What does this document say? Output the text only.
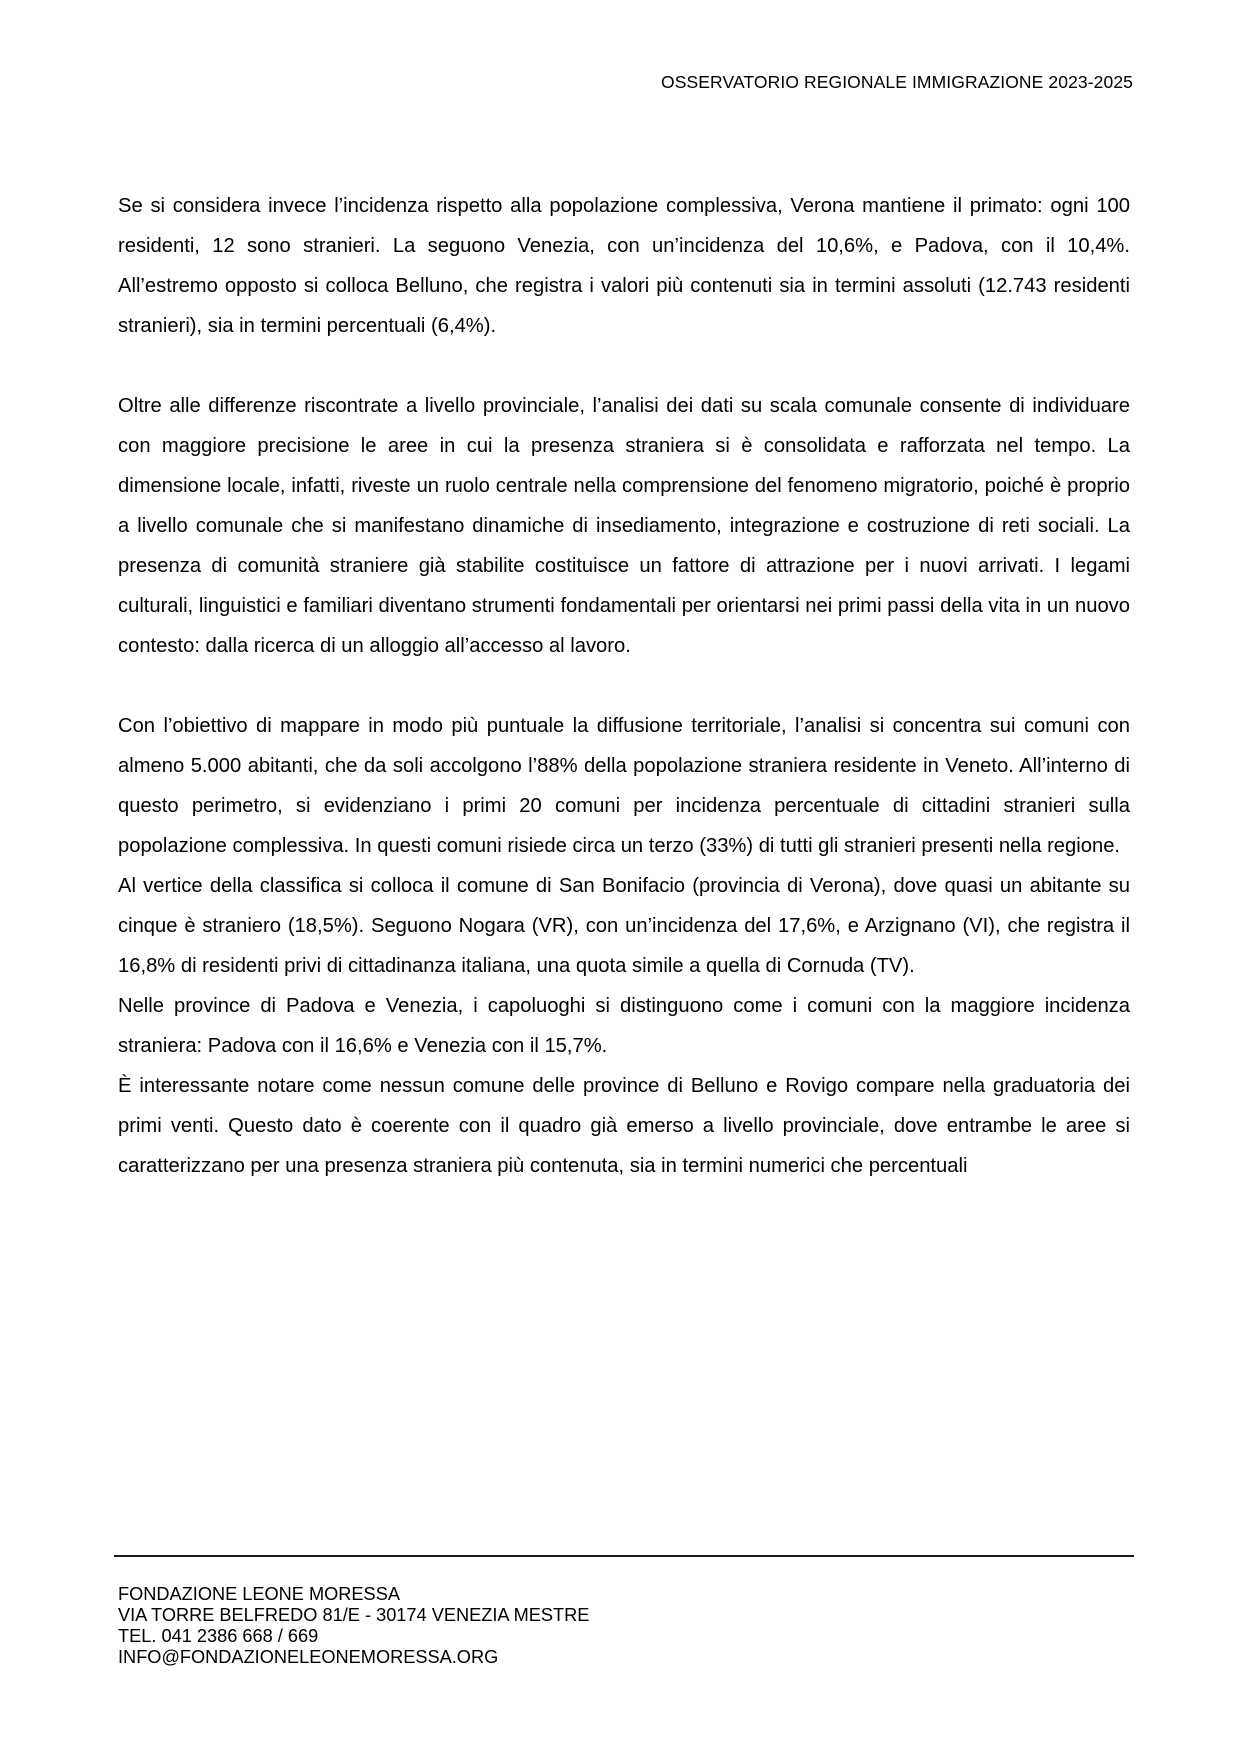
OSSERVATORIO REGIONALE IMMIGRAZIONE 2023-2025

Se si considera invece l’incidenza rispetto alla popolazione complessiva, Verona mantiene il primato: ogni 100 residenti, 12 sono stranieri. La seguono Venezia, con un’incidenza del 10,6%, e Padova, con il 10,4%. All’estremo opposto si colloca Belluno, che registra i valori più contenuti sia in termini assoluti (12.743 residenti stranieri), sia in termini percentuali (6,4%).

Oltre alle differenze riscontrate a livello provinciale, l’analisi dei dati su scala comunale consente di individuare con maggiore precisione le aree in cui la presenza straniera si è consolidata e rafforzata nel tempo. La dimensione locale, infatti, riveste un ruolo centrale nella comprensione del fenomeno migratorio, poiché è proprio a livello comunale che si manifestano dinamiche di insediamento, integrazione e costruzione di reti sociali. La presenza di comunità straniere già stabilite costituisce un fattore di attrazione per i nuovi arrivati. I legami culturali, linguistici e familiari diventano strumenti fondamentali per orientarsi nei primi passi della vita in un nuovo contesto: dalla ricerca di un alloggio all’accesso al lavoro.

Con l’obiettivo di mappare in modo più puntuale la diffusione territoriale, l’analisi si concentra sui comuni con almeno 5.000 abitanti, che da soli accolgono l’88% della popolazione straniera residente in Veneto. All’interno di questo perimetro, si evidenziano i primi 20 comuni per incidenza percentuale di cittadini stranieri sulla popolazione complessiva. In questi comuni risiede circa un terzo (33%) di tutti gli stranieri presenti nella regione.

Al vertice della classifica si colloca il comune di San Bonifacio (provincia di Verona), dove quasi un abitante su cinque è straniero (18,5%). Seguono Nogara (VR), con un’incidenza del 17,6%, e Arzignano (VI), che registra il 16,8% di residenti privi di cittadinanza italiana, una quota simile a quella di Cornuda (TV).

Nelle province di Padova e Venezia, i capoluoghi si distinguono come i comuni con la maggiore incidenza straniera: Padova con il 16,6% e Venezia con il 15,7%.

È interessante notare come nessun comune delle province di Belluno e Rovigo compare nella graduatoria dei primi venti. Questo dato è coerente con il quadro già emerso a livello provinciale, dove entrambe le aree si caratterizzano per una presenza straniera più contenuta, sia in termini numerici che percentuali

FONDAZIONE LEONE MORESSA
VIA TORRE BELFREDO 81/E - 30174 VENEZIA MESTRE
TEL. 041 2386 668 / 669
INFO@FONDAZIONELEONEMORESSA.ORG
